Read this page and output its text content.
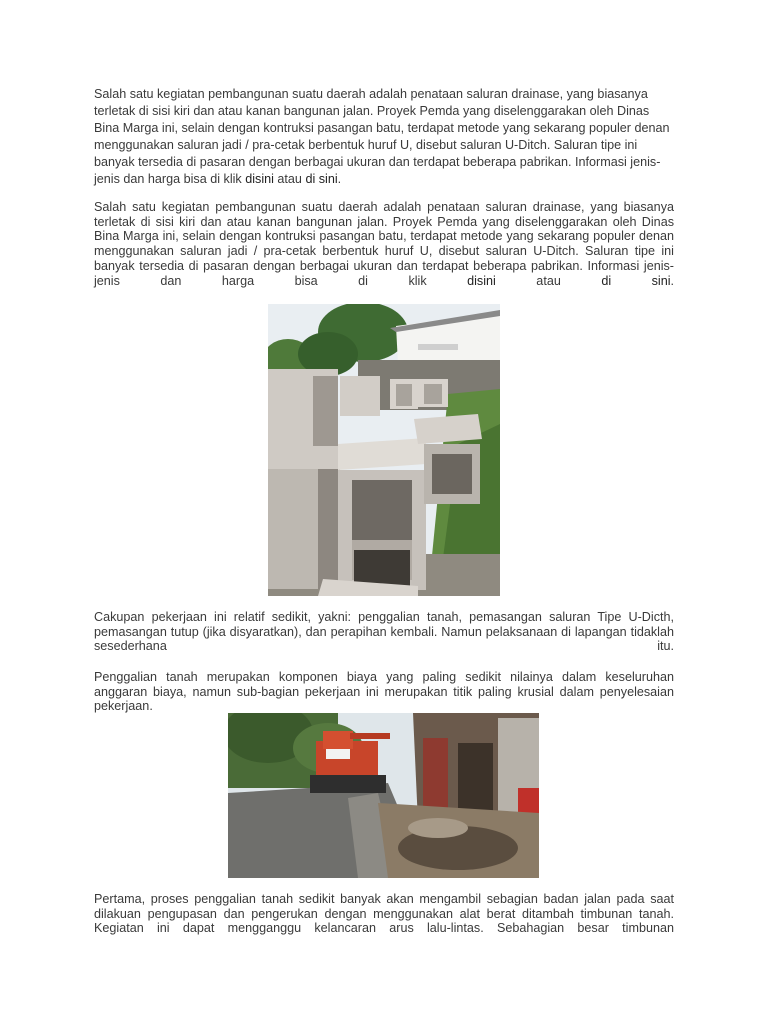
Salah satu kegiatan pembangunan suatu daerah adalah penataan saluran drainase, yang biasanya terletak di sisi kiri dan atau kanan bangunan jalan. Proyek Pemda yang diselenggarakan oleh Dinas Bina Marga ini, selain dengan kontruksi pasangan batu, terdapat metode yang sekarang populer denan menggunakan saluran jadi / pra-cetak berbentuk huruf U, disebut saluran U-Ditch. Saluran tipe ini banyak tersedia di pasaran dengan berbagai ukuran dan terdapat beberapa pabrikan. Informasi jenis-jenis dan harga bisa di klik disini atau di sini.

Salah satu kegiatan pembangunan suatu daerah adalah penataan saluran drainase, yang biasanya terletak di sisi kiri dan atau kanan bangunan jalan. Proyek Pemda yang diselenggarakan oleh Dinas Bina Marga ini, selain dengan kontruksi pasangan batu, terdapat metode yang sekarang populer denan menggunakan saluran jadi / pra-cetak berbentuk huruf U, disebut saluran U-Ditch. Saluran tipe ini banyak tersedia di pasaran dengan berbagai ukuran dan terdapat beberapa pabrikan. Informasi jenis-jenis dan harga bisa di klik disini atau di sini.

Cakupan pekerjaan ini relatif sedikit, yakni: penggalian tanah, pemasangan saluran Tipe U-Dicth, pemasangan tutup (jika disyaratkan), dan perapihan kembali. Namun pelaksanaan di lapangan tidaklah sesederhana itu.

Penggalian tanah merupakan komponen biaya yang paling sedikit nilainya dalam keseluruhan anggaran biaya, namun sub-bagian pekerjaan ini merupakan titik paling krusial dalam penyelesaian pekerjaan.

Pertama, proses penggalian tanah sedikit banyak akan mengambil sebagian badan jalan pada saat dilakuan pengupasan dan pengerukan dengan menggunakan alat berat ditambah timbunan tanah. Kegiatan ini dapat mengganggu kelancaran arus lalu-lintas. Sebahagian besar timbunan
